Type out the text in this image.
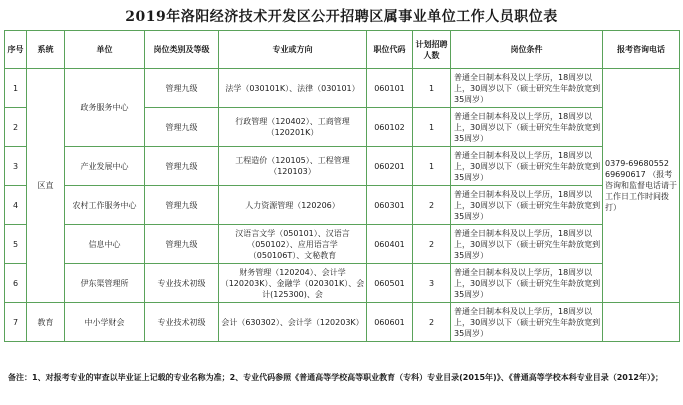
2019年洛阳经济技术开发区公开招聘区属事业单位工作人员职位表
序号	系统	单位	岗位类别及等级	专业或方向	职位代码	计划招聘人数	岗位条件	报考咨询电话
1	区直	政务服务中心	管理九级	法学（030101K）、法律（030101）	060101	1	普通全日制本科及以上学历，18周岁以上，30周岁以下（硕士研究生年龄放宽到35周岁）	0379-69680552 69690617 （报考咨询和监督电话请于工作日工作时间拨打）
2			管理九级	行政管理（120402）、工商管理（120201K）	060102	1	普通全日制本科及以上学历，18周岁以上，30周岁以下（硕士研究生年龄放宽到35周岁）	
3		产业发展中心	管理九级	工程造价（120105）、工程管理（120103）	060201	1	普通全日制本科及以上学历，18周岁以上，30周岁以下（硕士研究生年龄放宽到35周岁）	
4		农村工作服务中心	管理九级	人力资源管理（120206）	060301	2	普通全日制本科及以上学历，18周岁以上，30周岁以下（硕士研究生年龄放宽到35周岁）	
5		信息中心	管理九级	汉语言文学（050101）、汉语言（050102）、应用语言学（050106T）、文秘教育	060401	2	普通全日制本科及以上学历，18周岁以上，30周岁以下（硕士研究生年龄放宽到35周岁）	
6		伊东渠管理所	专业技术初级	财务管理（120204）、会计学（120203K）、金融学（020301K）、会计(125300)、会	060501	3	普通全日制本科及以上学历，18周岁以上，30周岁以下（硕士研究生年龄放宽到35周岁）	
7	教育	中小学财会	专业技术初级	会计（630302）、会计学（120203K）	060601	2	普通全日制本科及以上学历，18周岁以上，30周岁以下（硕士研究生年龄放宽到35周岁）	
备注：1、对报考专业的审查以毕业证上记载的专业名称为准；2、专业代码参照《普通高等学校高等职业教育（专科）专业目录(2015年)》、《普通高等学校本科专业目录（2012年）》；
